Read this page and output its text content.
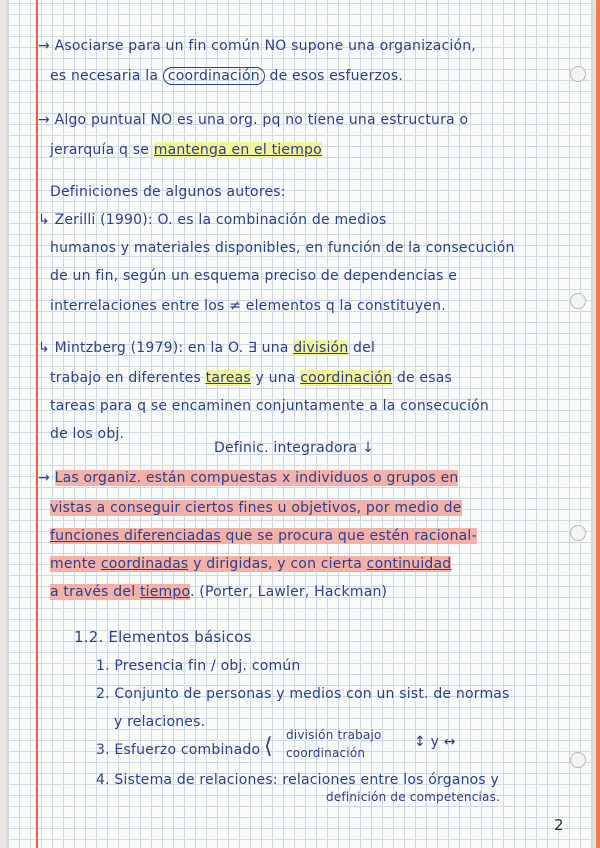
→ Asociarse para un fin común NO supone una organización,

es necesaria la coordinación de esos esfuerzos.

→ Algo puntual NO es una org. pq no tiene una estructura o

jerarquía q se mantenga en el tiempo

Definiciones de algunos autores:

↳ Zerilli (1990): O. es la combinación de medios

humanos y materiales disponibles, en función de la consecución

de un fin, según un esquema preciso de dependencias e

interrelaciones entre los ≠ elementos q la constituyen.

↳ Mintzberg (1979): en la O. ∃ una división del

trabajo en diferentes tareas y una coordinación de esas

tareas para q se encaminen conjuntamente a la consecución

de los obj.

Definic. integradora ↓

→ Las organiz. están compuestas x individuos o grupos en

vistas a conseguir ciertos fines u objetivos, por medio de

funciones diferenciadas que se procura que estén racional-

mente coordinadas y dirigidas, y con cierta continuidad

a través del tiempo. (Porter, Lawler, Hackman)

1.2. Elementos básicos

1. Presencia fin / obj. común

2. Conjunto de personas y medios con un sist. de normas

y relaciones.

3. Esfuerzo combinado ⟨ división trabajo

coordinación

↕ y ↔

4. Sistema de relaciones: relaciones entre los órganos y

definición de competencias.

2
